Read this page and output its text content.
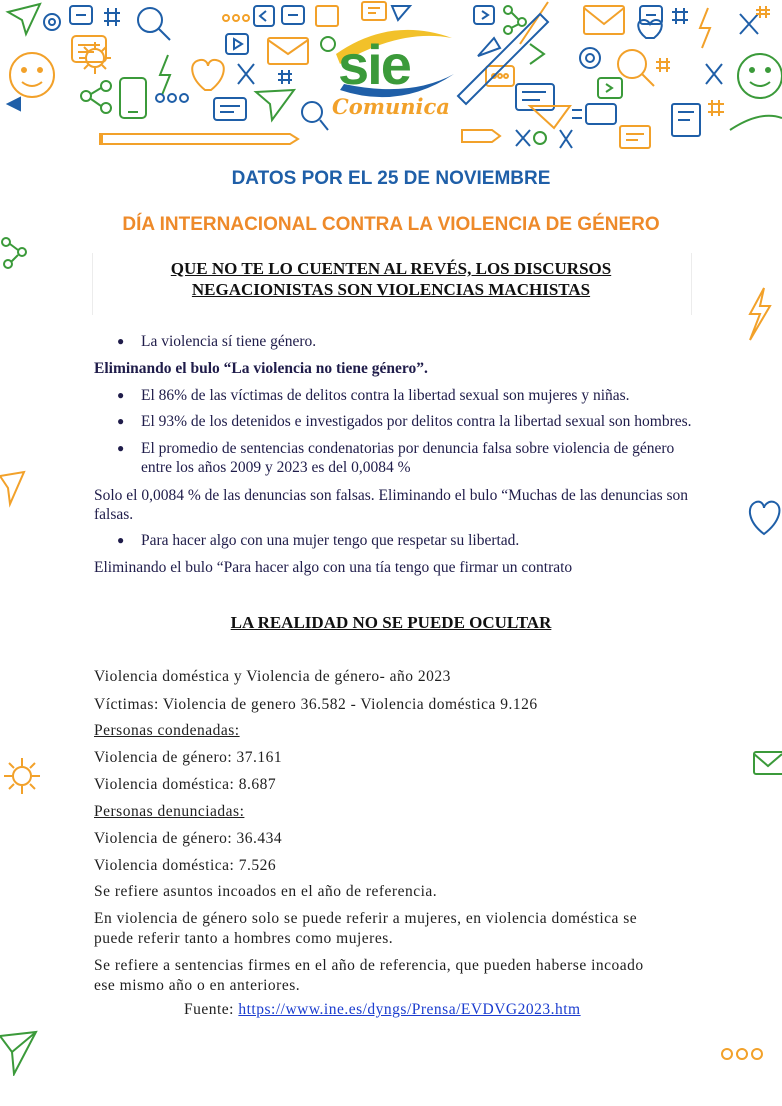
sie
Comunica
DATOS POR EL 25 DE NOVIEMBRE
DÍA INTERNACIONAL CONTRA LA VIOLENCIA DE GÉNERO
QUE NO TE LO CUENTEN AL REVÉS, LOS DISCURSOS
NEGACIONISTAS SON VIOLENCIAS MACHISTAS
●	La violencia sí tiene género.
Eliminando el bulo “La violencia no tiene género”.
●	El 86% de las víctimas de delitos contra la libertad sexual son mujeres y niñas.
●	El 93% de los detenidos e investigados por delitos contra la libertad sexual son hombres.
●	El promedio de sentencias condenatorias por denuncia falsa sobre violencia de género
entre los años 2009 y 2023 es del 0,0084 %
Solo el 0,0084 % de las denuncias son falsas. Eliminando el bulo “Muchas de las denuncias son
falsas.
●	Para hacer algo con una mujer tengo que respetar su libertad.
Eliminando el bulo “Para hacer algo con una tía tengo que firmar un contrato
LA REALIDAD NO SE PUEDE OCULTAR
Violencia doméstica y Violencia de género- año 2023
Víctimas: Violencia de genero 36.582 - Violencia doméstica 9.126
Personas condenadas:
Violencia de género: 37.161
Violencia doméstica: 8.687
Personas denunciadas:
Violencia de género: 36.434
Violencia doméstica: 7.526
Se refiere asuntos incoados en el año de referencia.
En violencia de género solo se puede referir a mujeres, en violencia doméstica se
puede referir tanto a hombres como mujeres.
Se refiere a sentencias firmes en el año de referencia, que pueden haberse incoado
ese mismo año o en anteriores.
Fuente: https://www.ine.es/dyngs/Prensa/EVDVG2023.htm
